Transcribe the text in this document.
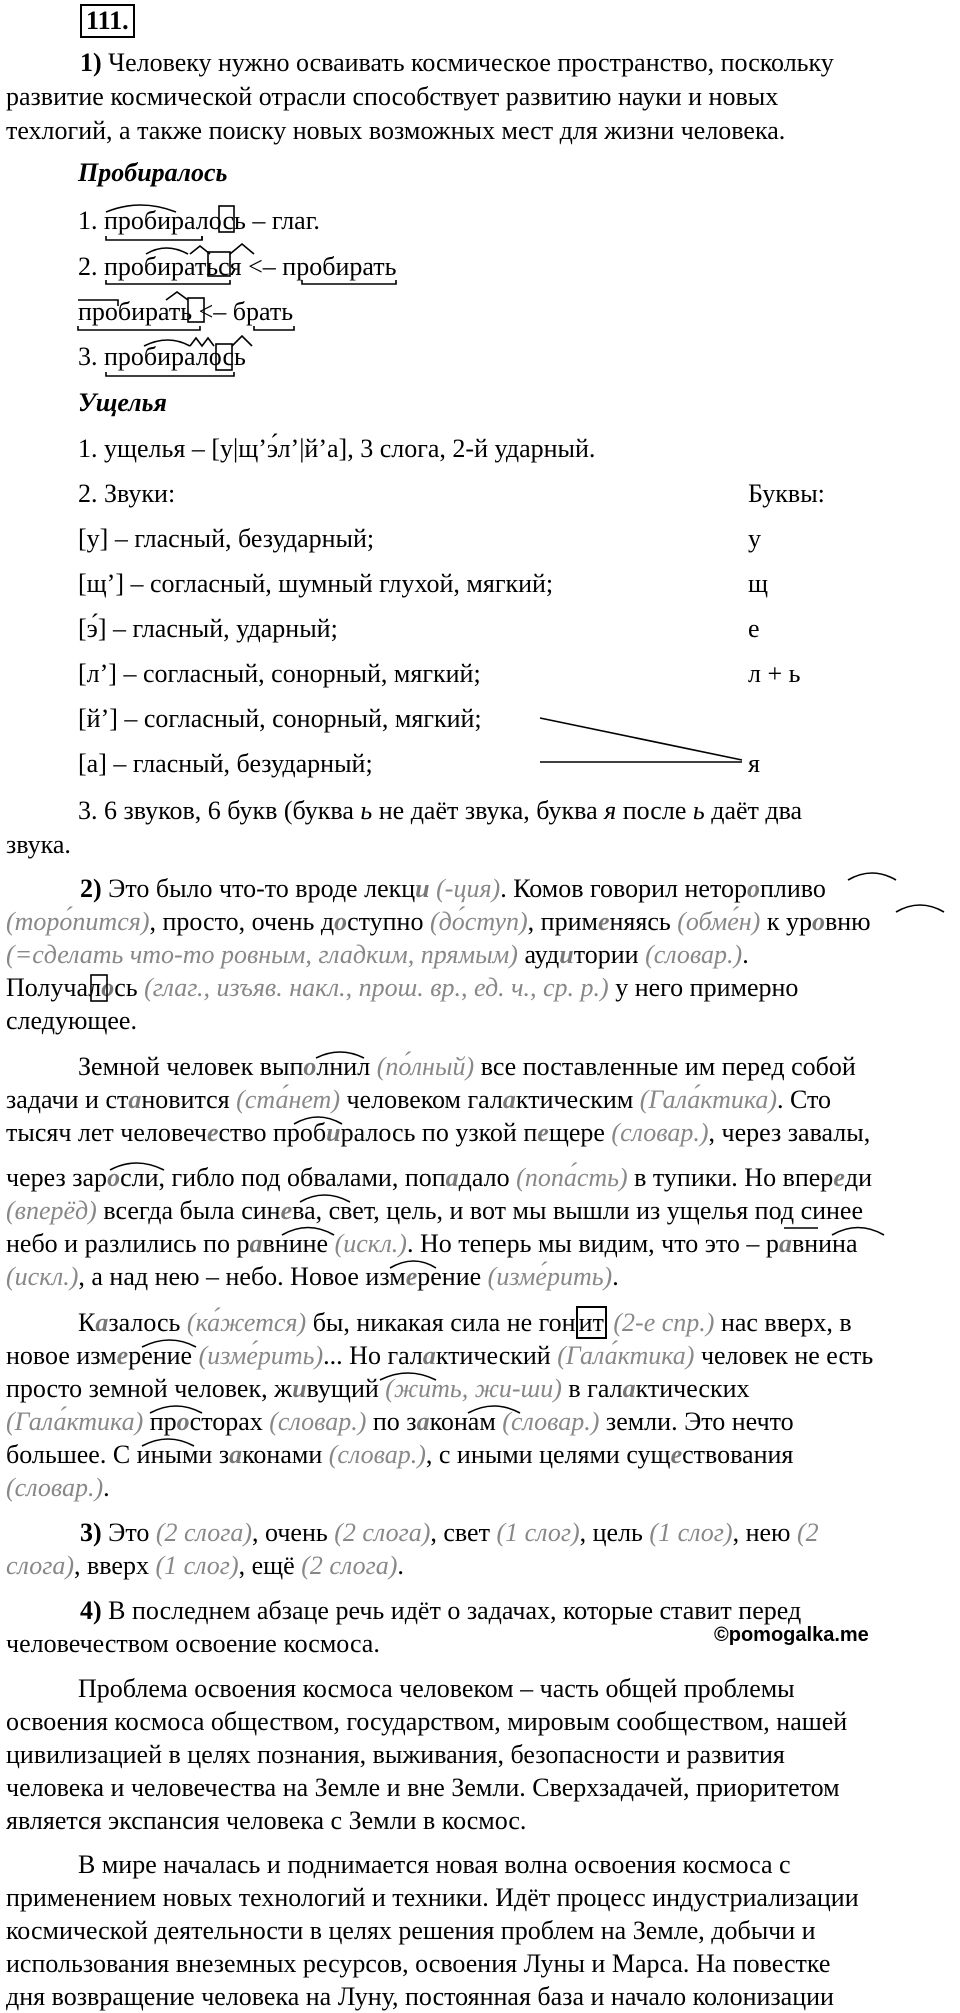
111.
1) Человеку нужно осваивать космическое пространство, поскольку
развитие космической отрасли способствует развитию науки и новых
техлогий, а также поиску новых возможных мест для жизни человека.
Пробиралось
1. пробиралось – глаг.
2. пробираться <– пробирать
пробирать <– брать
3. пробиралось
Ущелья
1. ущелья – [у|щ’э́л’|й’а], 3 слога, 2-й ударный.
2. Звуки:	Буквы:
[у] – гласный, безударный;	у
[щ’] – согласный, шумный глухой, мягкий;	щ
[э́] – гласный, ударный;	е
[л’] – согласный, сонорный, мягкий;	л + ь
[й’] – согласный, сонорный, мягкий;
[а] – гласный, безударный;	я
3. 6 звуков, 6 букв (буква ь не даёт звука, буква я после ь даёт два
звука.
2) Это было что-то вроде лекци (-ция). Комов говорил неторопливо
(торо́пится), просто, очень доступно (до́ступ), применяясь (обме́н) к уровню
(=сделать что-то ровным, гладким, прямым) аудитории (словар.).
Получалось (глаг., изъяв. накл., прош. вр., ед. ч., ср. р.) у него примерно
следующее.
Земной человек выполнил (по́лный) все поставленные им перед собой
задачи и становится (ста́нет) человеком галактическим (Гала́ктика). Сто
тысяч лет человечество пробиралось по узкой пещере (словар.), через завалы,
через заросли, гибло под обвалами, попадало (попа́сть) в тупики. Но впереди
(вперёд) всегда была синева, свет, цель, и вот мы вышли из ущелья под синее
небо и разлились по равнине (искл.). Но теперь мы видим, что это – равнина
(искл.), а над нею – небо. Новое измерение (изме́рить).
Казалось (ка́жется) бы, никакая сила не гон ит (2-е спр.) нас вверх, в
новое измерение (изме́рить)... Но галактический (Гала́ктика) человек не есть
просто земной человек, живущий (жить, жи-ши) в галактических
(Гала́ктика) просторах (словар.) по законам (словар.) земли. Это нечто
большее. С иными законами (словар.), с иными целями существования
(словар.).
3) Это (2 слога), очень (2 слога), свет (1 слог), цель (1 слог), нею (2
слога), вверх (1 слог), ещё (2 слога).
4) В последнем абзаце речь идёт о задачах, которые ставит перед
человечеством освоение космоса.	©pomogalka.me
Проблема освоения космоса человеком – часть общей проблемы
освоения космоса обществом, государством, мировым сообществом, нашей
цивилизацией в целях познания, выживания, безопасности и развития
человека и человечества на Земле и вне Земли. Сверхзадачей, приоритетом
является экспансия человека с Земли в космос.
В мире началась и поднимается новая волна освоения космоса с
применением новых технологий и техники. Идёт процесс индустриализации
космической деятельности в целях решения проблем на Земле, добычи и
использования внеземных ресурсов, освоения Луны и Марса. На повестке
дня возвращение человека на Луну, постоянная база и начало колонизации
